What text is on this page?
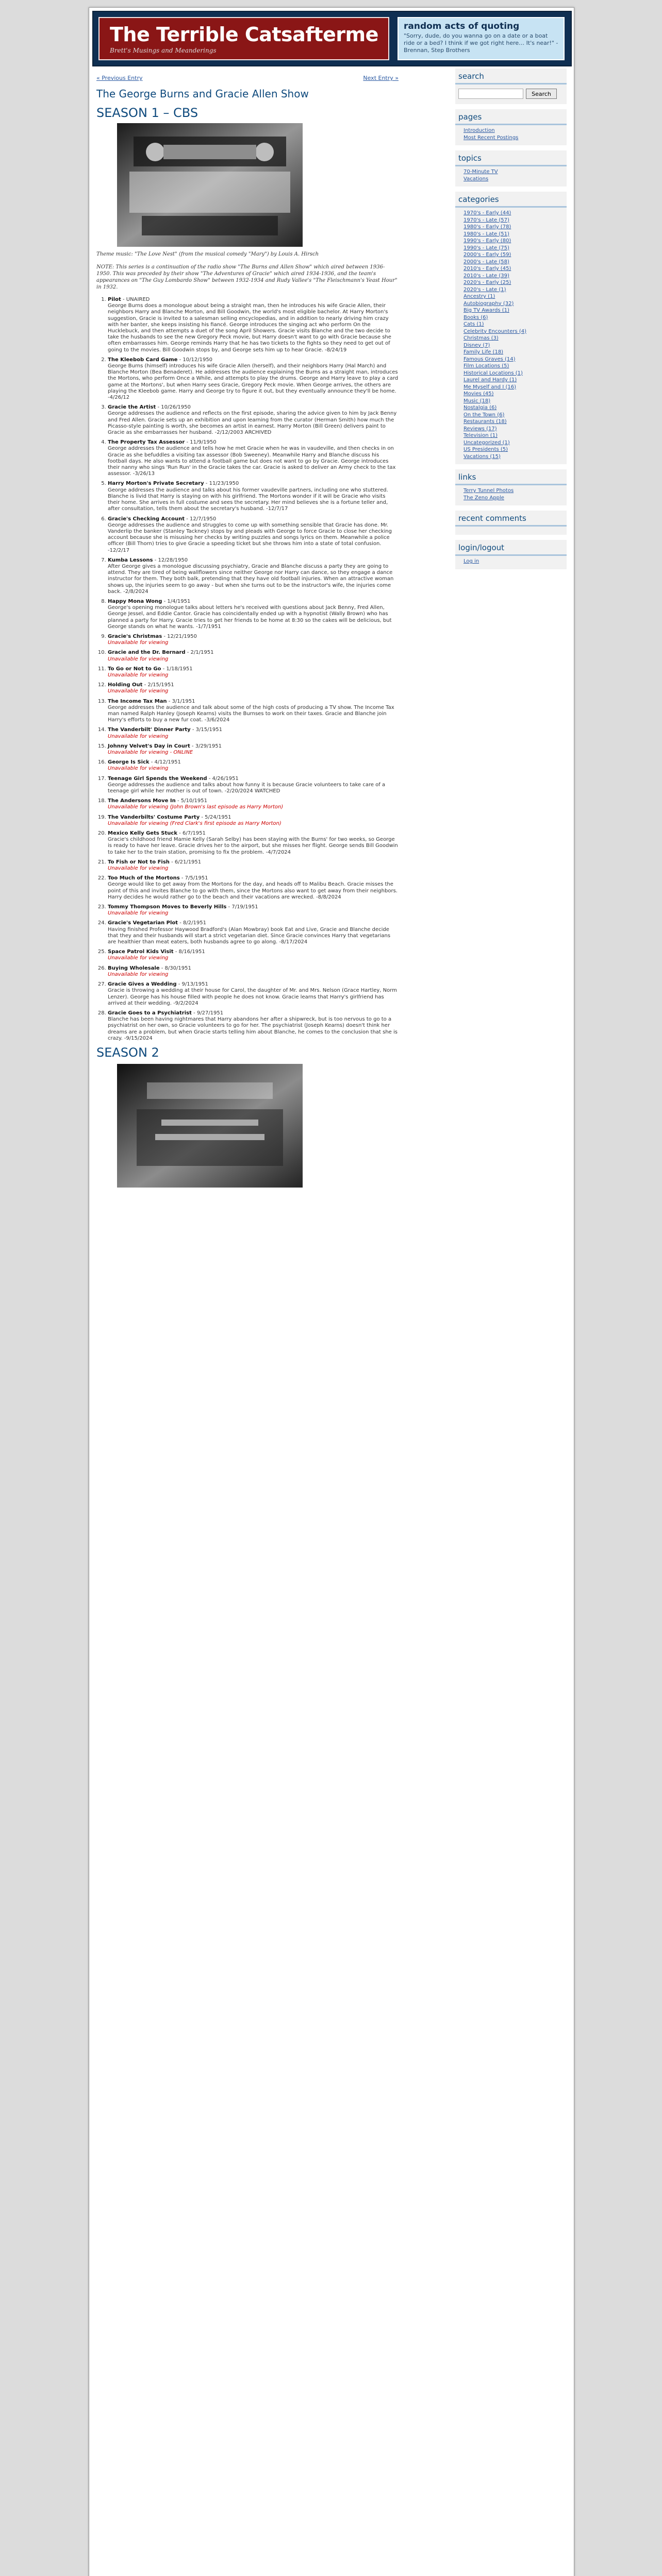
The Terrible Catsafterme
Brett's Musings and Meanderings
random acts of quoting

"Sorry, dude, do you wanna go on a date or a boat ride or a bed? I think if we got right here… It's near!" - Brennan, Step Brothers

« Previous Entry	Next Entry »
The George Burns and Gracie Allen Show
SEASON 1 – CBS
Theme music: "The Love Nest" (from the musical comedy "Mary") by Louis A. Hirsch
NOTE: This series is a continuation of the radio show "The Burns and Allen Show" which aired between 1936-1950. This was preceded by their show "The Adventures of Gracie" which aired 1934-1936, and the team's appearances on "The Guy Lombardo Show" between 1932-1934 and Rudy Vallee's "The Fleischmann's Yeast Hour" in 1932.
1. Pilot - UNAIRED
George Burns does a monologue about being a straight man, then he introduces his wife Gracie Allen, their neighbors Harry and Blanche Morton, and Bill Goodwin, the world's most eligible bachelor. At Harry Morton's suggestion, Gracie is invited to a salesman selling encyclopedias, and in addition to nearly driving him crazy with her banter, she keeps insisting his fiancé. George introduces the singing act who perform On the Hucklebuck, and then attempts a duet of the song April Showers. Gracie visits Blanche and the two decide to take the husbands to see the new Gregory Peck movie, but Harry doesn't want to go with Gracie because she often embarrasses him. George reminds Harry that he has two tickets to the fights so they need to get out of going to the movies. Bill Goodwin stops by, and George sets him up to hear Gracie. -8/24/19
2. The Kleebob Card Game - 10/12/1950
George Burns (himself) introduces his wife Gracie Allen (herself), and their neighbors Harry (Hal March) and Blanche Morton (Bea Benaderet). He addresses the audience explaining the Burns as a straight man, introduces the Mortons, who perform Once a While, and attempts to play the drums. George and Harry leave to play a card game at the Mortons', but when Harry sees Gracie, Gregory Peck movie. When George arrives, the others are playing the Kleebob game. Harry and George try to figure it out, but they eventually announce they'll be home. -4/26/12
3. Gracie the Artist - 10/26/1950
George addresses the audience and reflects on the first episode, sharing the advice given to him by Jack Benny and Fred Allen. Gracie sets up an exhibition and upon learning from the curator (Herman Smith) how much the Picasso-style painting is worth, she becomes an artist in earnest. Harry Morton (Bill Green) delivers paint to Gracie as she embarrasses her husband. -2/12/2003 ARCHIVED
4. The Property Tax Assessor - 11/9/1950
George addresses the audience and tells how he met Gracie when he was in vaudeville, and then checks in on Gracie as she befuddles a visiting tax assessor (Bob Sweeney). Meanwhile Harry and Blanche discuss his football days. He also wants to attend a football game but does not want to go by Gracie. George introduces their nanny who sings 'Run Run' in the Gracie takes the car. Gracie is asked to deliver an Army check to the tax assessor. -3/26/13
5. Harry Morton's Private Secretary - 11/23/1950
George addresses the audience and talks about his former vaudeville partners, including one who stuttered. Blanche is livid that Harry is staying on with his girlfriend. The Mortons wonder if it will be Gracie who visits their home. She arrives in full costume and sees the secretary. Her mind believes she is a fortune teller and, after consultation, tells them about the secretary's husband. -12/7/17
6. Gracie's Checking Account - 12/7/1950
George addresses the audience and struggles to come up with something sensible that Gracie has done. Mr. Vanderlip the banker (Stanley Tackney) stops by and pleads with George to force Gracie to close her checking account because she is misusing her checks by writing puzzles and songs lyrics on them. Meanwhile a police officer (Bill Thorn) tries to give Gracie a speeding ticket but she throws him into a state of total confusion. -12/2/17
7. Kumba Lessons - 12/28/1950
After George gives a monologue discussing psychiatry, Gracie and Blanche discuss a party they are going to attend. They are tired of being wallflowers since neither George nor Harry can dance, so they engage a dance instructor for them. They both balk, pretending that they have old football injuries. When an attractive woman shows up, the injuries seem to go away - but when she turns out to be the instructor's wife, the injuries come back. -2/8/2024
8. Happy Mona Wong - 1/4/1951
George's opening monologue talks about letters he's received with questions about Jack Benny, Fred Allen, George Jessel, and Eddie Cantor. Gracie has coincidentally ended up with a hypnotist (Wally Brown) who has planned a party for Harry. Gracie tries to get her friends to be home at 8:30 so the cakes will be delicious, but George stands on what he wants. -1/7/1951
9. Gracie's Christmas - 12/21/1950
Unavailable for viewing
10. Gracie and the Dr. Bernard - 2/1/1951
Unavailable for viewing
11. To Go or Not to Go - 1/18/1951
Unavailable for viewing
12. Holding Out - 2/15/1951
Unavailable for viewing
13. The Income Tax Man - 3/1/1951
George addresses the audience and talk about some of the high costs of producing a TV show. The Income Tax man named Ralph Hanley (Joseph Kearns) visits the Burnses to work on their taxes. Gracie and Blanche join Harry's efforts to buy a new fur coat. -3/6/2024
14. The Vanderbilt' Dinner Party - 3/15/1951
Unavailable for viewing
15. Johnny Velvet's Day in Court - 3/29/1951
Unavailable for viewing - ONLINE
16. George Is Sick - 4/12/1951
Unavailable for viewing
17. Teenage Girl Spends the Weekend - 4/26/1951
George addresses the audience and talks about how funny it is because Gracie volunteers to take care of a teenage girl while her mother is out of town. -2/20/2024 WATCHED
18. The Andersons Move In - 5/10/1951
Unavailable for viewing (John Brown's last episode as Harry Morton)
19. The Vanderbilts' Costume Party - 5/24/1951
Unavailable for viewing (Fred Clark's first episode as Harry Morton)
20. Mexico Kelly Gets Stuck - 6/7/1951
Gracie's childhood friend Mamie Kelly (Sarah Selby) has been staying with the Burns' for two weeks, so George is ready to have her leave. Gracie drives her to the airport, but she misses her flight. George sends Bill Goodwin to take her to the train station, promising to fix the problem. -4/7/2024
21. To Fish or Not to Fish - 6/21/1951
Unavailable for viewing
22. Too Much of the Mortons - 7/5/1951
George would like to get away from the Mortons for the day, and heads off to Malibu Beach. Gracie misses the point of this and invites Blanche to go with them, since the Mortons also want to get away from their neighbors. Harry decides he would rather go to the beach and their vacations are wrecked. -8/8/2024
23. Tommy Thompson Moves to Beverly Hills - 7/19/1951
Unavailable for viewing
24. Gracie's Vegetarian Plot - 8/2/1951
Having finished Professor Haywood Bradford's (Alan Mowbray) book Eat and Live, Gracie and Blanche decide that they and their husbands will start a strict vegetarian diet. Since Gracie convinces Harry that vegetarians are healthier than meat eaters, both husbands agree to go along. -8/17/2024
25. Space Patrol Kids Visit - 8/16/1951
Unavailable for viewing
26. Buying Wholesale - 8/30/1951
Unavailable for viewing
27. Gracie Gives a Wedding - 9/13/1951
Gracie is throwing a wedding at their house for Carol, the daughter of Mr. and Mrs. Nelson (Grace Hartley, Norm Lenzer). George has his house filled with people he does not know. Gracie learns that Harry's girlfriend has arrived at their wedding. -9/2/2024
28. Gracie Goes to a Psychiatrist - 9/27/1951
Blanche has been having nightmares that Harry abandons her after a shipwreck, but is too nervous to go to a psychiatrist on her own, so Gracie volunteers to go for her. The psychiatrist (Joseph Kearns) doesn't think her dreams are a problem, but when Gracie starts telling him about Blanche, he comes to the conclusion that she is crazy. -9/15/2024
SEASON 2
search
Search
pages
Introduction
Most Recent Postings
topics
70-Minute TV
Vacations
categories
1970's - Early (44)
1970's - Late (57)
1980's - Early (78)
1980's - Late (51)
1990's - Early (80)
1990's - Late (75)
2000's - Early (59)
2000's - Late (58)
2010's - Early (45)
2010's - Late (39)
2020's - Early (25)
2020's - Late (1)
Ancestry (1)
Autobiography (32)
Big TV Awards (1)
Books (6)
Cats (1)
Celebrity Encounters (4)
Christmas (3)
Disney (7)
Family Life (18)
Famous Graves (14)
Film Locations (5)
Historical Locations (1)
Laurel and Hardy (1)
Me Myself and I (16)
Movies (45)
Music (18)
Nostalgia (6)
On the Town (6)
Restaurants (18)
Reviews (17)
Television (1)
Uncategorized (1)
US Presidents (5)
Vacations (15)
links
Terry Tunnel Photos
The Zeno Apple
recent comments
login/logout
Log in
